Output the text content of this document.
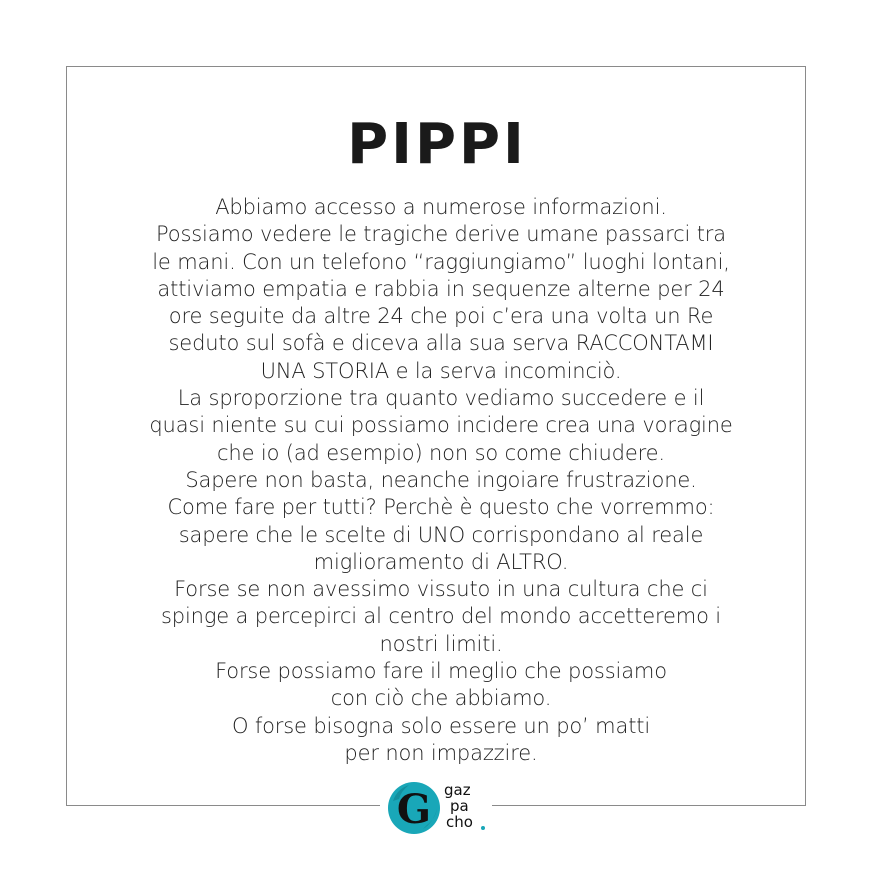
PIPPI
Abbiamo accesso a numerose informazioni.
Possiamo vedere le tragiche derive umane passarci tra
le mani. Con un telefono “raggiungiamo” luoghi lontani,
attiviamo empatia e rabbia in sequenze alterne per 24
ore seguite da altre 24 che poi c’era una volta un Re
seduto sul sofà e diceva alla sua serva RACCONTAMI
UNA STORIA e la serva incominciò.
La sproporzione tra quanto vediamo succedere e il
quasi niente su cui possiamo incidere crea una voragine
che io (ad esempio) non so come chiudere.
Sapere non basta, neanche ingoiare frustrazione.
Come fare per tutti? Perchè è questo che vorremmo:
sapere che le scelte di UNO corrispondano al reale
miglioramento di ALTRO.
Forse se non avessimo vissuto in una cultura che ci
spinge a percepirci al centro del mondo accetteremo i
nostri limiti.
Forse possiamo fare il meglio che possiamo
con ciò che abbiamo.
O forse bisogna solo essere un po’ matti
per non impazzire.
G gaz
pa
cho
